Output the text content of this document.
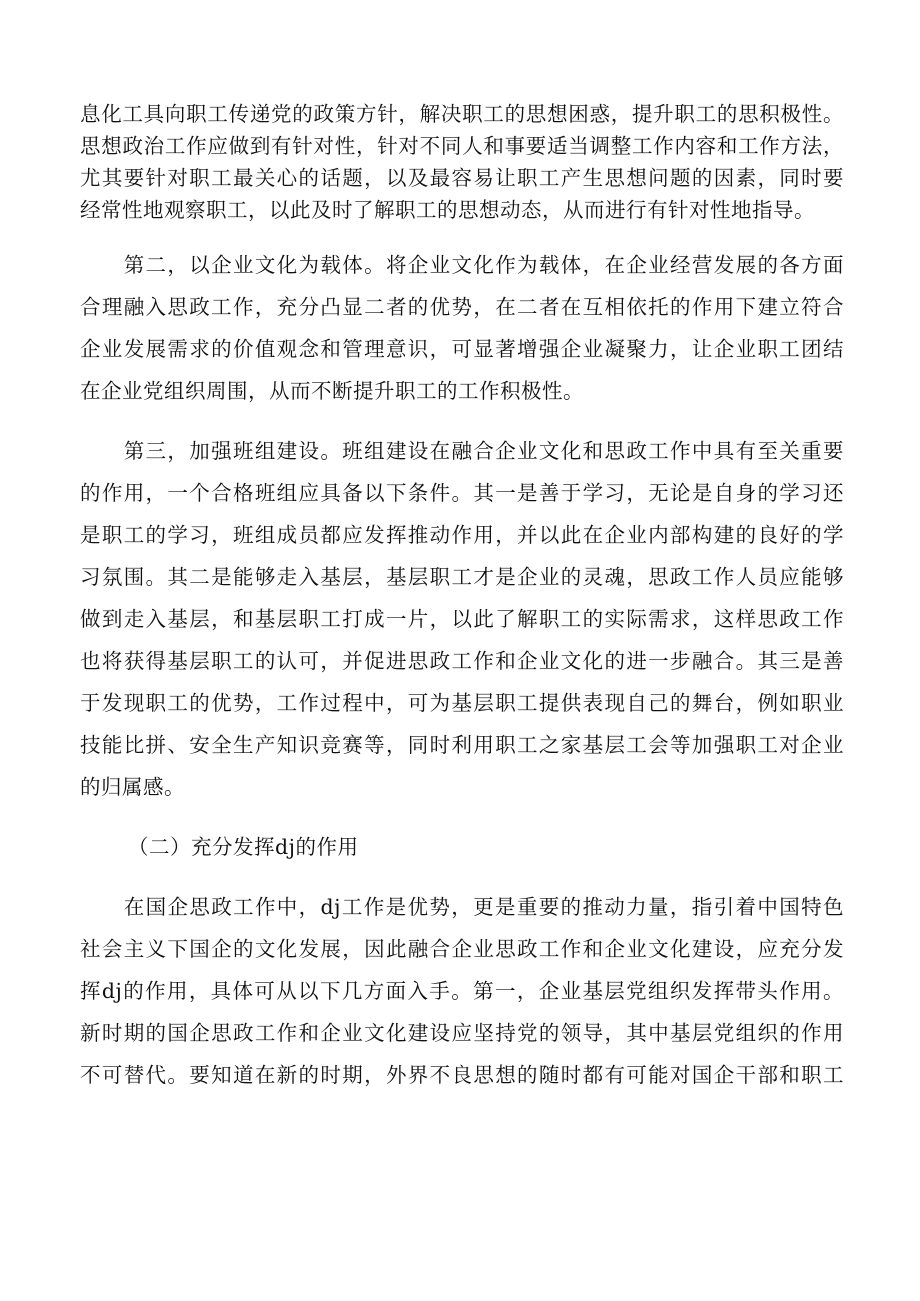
息化工具向职工传递党的政策方针，解决职工的思想困惑，提升职工的思积极性。
思想政治工作应做到有针对性，针对不同人和事要适当调整工作内容和工作方法，
尤其要针对职工最关心的话题，以及最容易让职工产生思想问题的因素，同时要
经常性地观察职工，以此及时了解职工的思想动态，从而进行有针对性地指导。
　　第二，以企业文化为载体。将企业文化作为载体，在企业经营发展的各方面
合理融入思政工作，充分凸显二者的优势，在二者在互相依托的作用下建立符合
企业发展需求的价值观念和管理意识，可显著增强企业凝聚力，让企业职工团结
在企业党组织周围，从而不断提升职工的工作积极性。
　　第三，加强班组建设。班组建设在融合企业文化和思政工作中具有至关重要
的作用，一个合格班组应具备以下条件。其一是善于学习，无论是自身的学习还
是职工的学习，班组成员都应发挥推动作用，并以此在企业内部构建的良好的学
习氛围。其二是能够走入基层，基层职工才是企业的灵魂，思政工作人员应能够
做到走入基层，和基层职工打成一片，以此了解职工的实际需求，这样思政工作
也将获得基层职工的认可，并促进思政工作和企业文化的进一步融合。其三是善
于发现职工的优势，工作过程中，可为基层职工提供表现自己的舞台，例如职业
技能比拼、安全生产知识竞赛等，同时利用职工之家基层工会等加强职工对企业
的归属感。
（二）充分发挥dj的作用
　　在国企思政工作中，dj工作是优势，更是重要的推动力量，指引着中国特色
社会主义下国企的文化发展，因此融合企业思政工作和企业文化建设，应充分发
挥dj的作用，具体可从以下几方面入手。第一，企业基层党组织发挥带头作用。
新时期的国企思政工作和企业文化建设应坚持党的领导，其中基层党组织的作用
不可替代。要知道在新的时期，外界不良思想的随时都有可能对国企干部和职工
